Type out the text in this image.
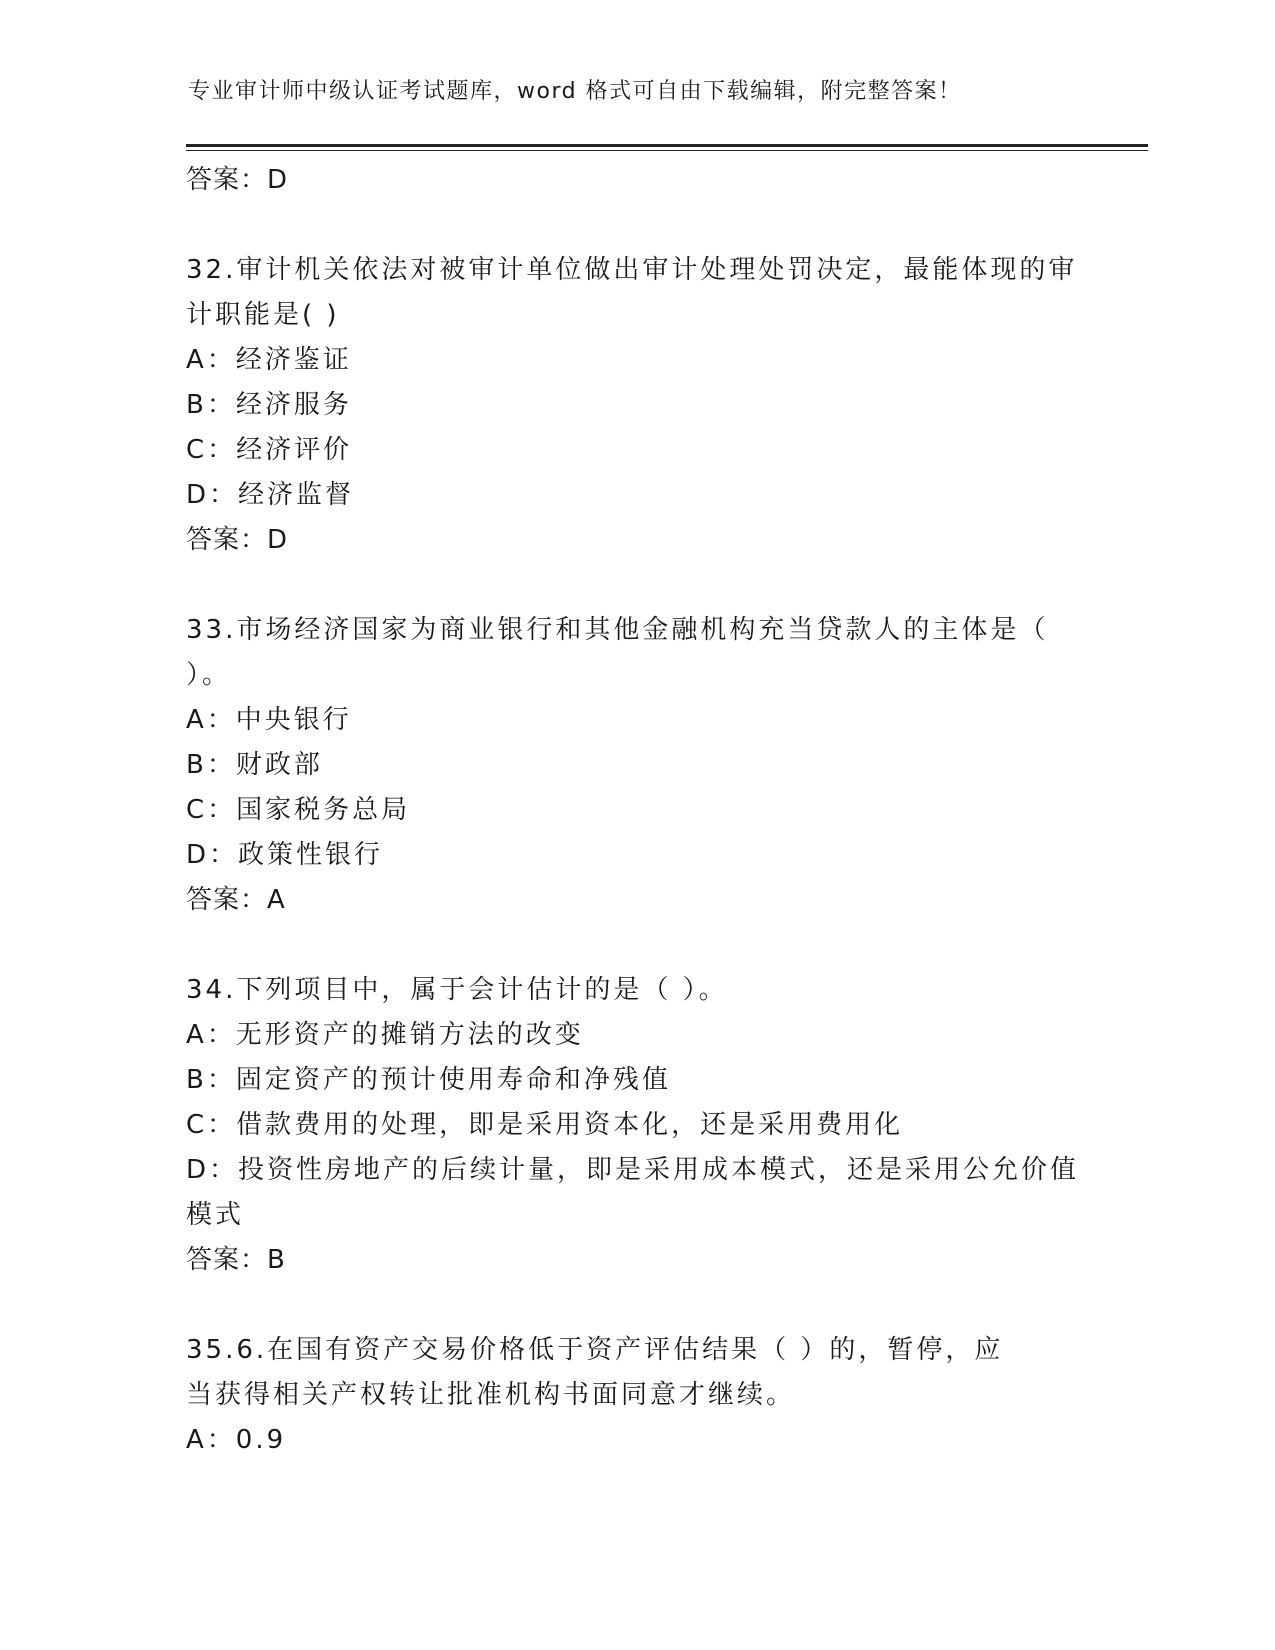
专业审计师中级认证考试题库，word 格式可自由下载编辑，附完整答案！
答案：D
32.审计机关依法对被审计单位做出审计处理处罚决定，最能体现的审
计职能是( )
A：经济鉴证
B：经济服务
C：经济评价
D：经济监督
答案：D
33.市场经济国家为商业银行和其他金融机构充当贷款人的主体是（
）。
A：中央银行
B：财政部
C：国家税务总局
D：政策性银行
答案：A
34.下列项目中，属于会计估计的是（ ）。
A：无形资产的摊销方法的改变
B：固定资产的预计使用寿命和净残值
C：借款费用的处理，即是采用资本化，还是采用费用化
D：投资性房地产的后续计量，即是采用成本模式，还是采用公允价值
模式
答案：B
35.6.在国有资产交易价格低于资产评估结果（ ）的，暂停，应
当获得相关产权转让批准机构书面同意才继续。
A：0.9
